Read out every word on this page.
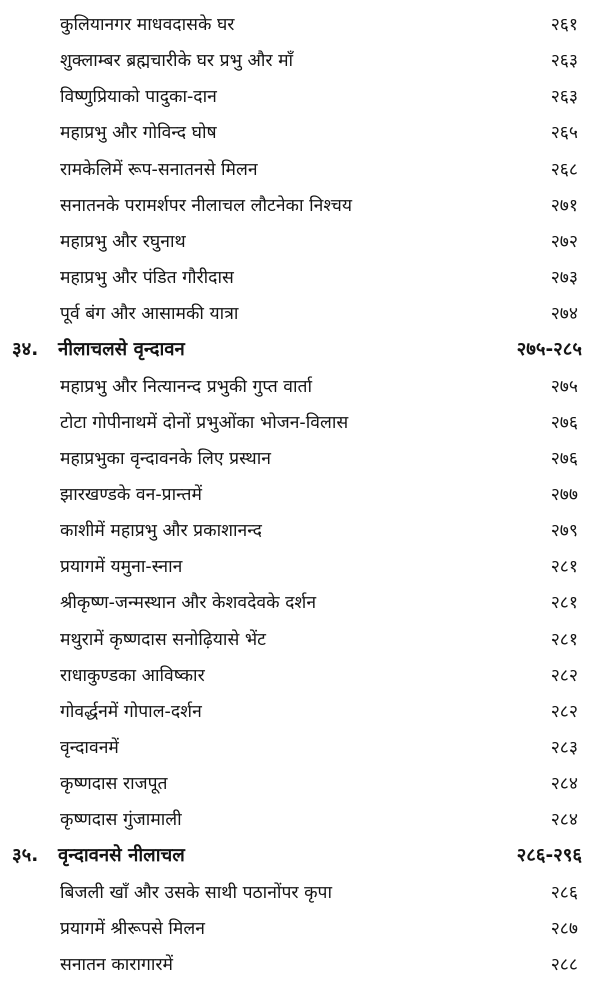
कुलियानगर माधवदासके घर	२६१
शुक्लाम्बर ब्रह्मचारीके घर प्रभु और माँ	२६३
विष्णुप्रियाको पादुका-दान	२६३
महाप्रभु और गोविन्द घोष	२६५
रामकेलिमें रूप-सनातनसे मिलन	२६८
सनातनके परामर्शपर नीलाचल लौटनेका निश्चय	२७१
महाप्रभु और रघुनाथ	२७२
महाप्रभु और पंडित गौरीदास	२७३
पूर्व बंग और आसामकी यात्रा	२७४
३४. नीलाचलसे वृन्दावन	२७५-२८५
महाप्रभु और नित्यानन्द प्रभुकी गुप्त वार्ता	२७५
टोटा गोपीनाथमें दोनों प्रभुओंका भोजन-विलास	२७६
महाप्रभुका वृन्दावनके लिए प्रस्थान	२७६
झारखण्डके वन-प्रान्तमें	२७७
काशीमें महाप्रभु और प्रकाशानन्द	२७९
प्रयागमें यमुना-स्नान	२८१
श्रीकृष्ण-जन्मस्थान और केशवदेवके दर्शन	२८१
मथुरामें कृष्णदास सनोढ़ियासे भेंट	२८१
राधाकुण्डका आविष्कार	२८२
गोवर्द्धनमें गोपाल-दर्शन	२८२
वृन्दावनमें	२८३
कृष्णदास राजपूत	२८४
कृष्णदास गुंजामाली	२८४
३५. वृन्दावनसे नीलाचल	२८६-२९६
बिजली खाँ और उसके साथी पठानोंपर कृपा	२८६
प्रयागमें श्रीरूपसे मिलन	२८७
सनातन कारागारमें	२८८
